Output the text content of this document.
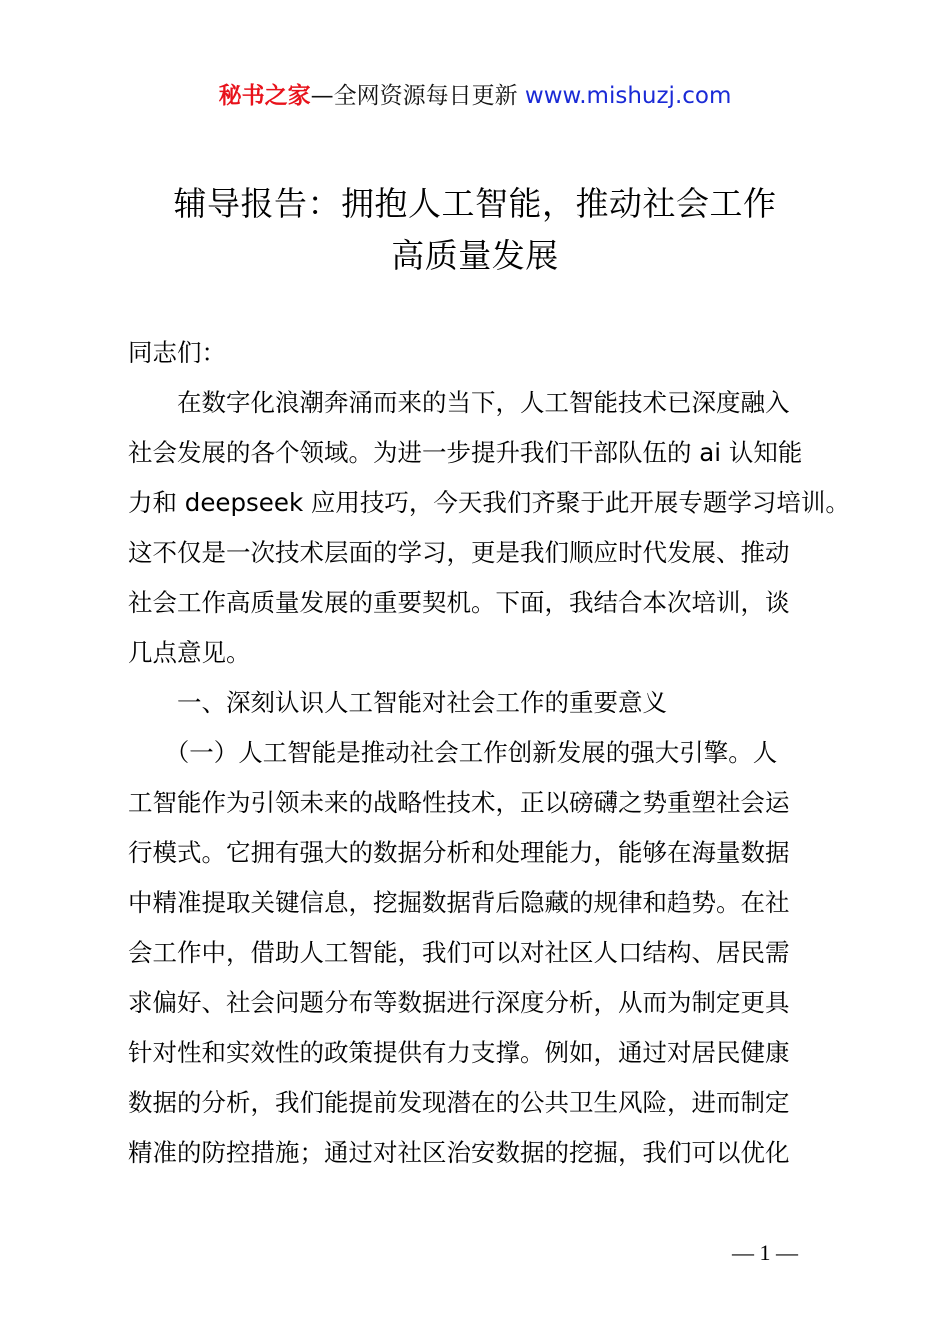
秘书之家—全网资源每日更新 www.mishuzj.com
辅导报告：拥抱人工智能，推动社会工作
高质量发展
同志们：
　　在数字化浪潮奔涌而来的当下，人工智能技术已深度融入
社会发展的各个领域。为进一步提升我们干部队伍的 ai 认知能
力和 deepseek 应用技巧，今天我们齐聚于此开展专题学习培训。
这不仅是一次技术层面的学习，更是我们顺应时代发展、推动
社会工作高质量发展的重要契机。下面，我结合本次培训，谈
几点意见。
　　一、深刻认识人工智能对社会工作的重要意义
　　（一）人工智能是推动社会工作创新发展的强大引擎。人
工智能作为引领未来的战略性技术，正以磅礴之势重塑社会运
行模式。它拥有强大的数据分析和处理能力，能够在海量数据
中精准提取关键信息，挖掘数据背后隐藏的规律和趋势。在社
会工作中，借助人工智能，我们可以对社区人口结构、居民需
求偏好、社会问题分布等数据进行深度分析，从而为制定更具
针对性和实效性的政策提供有力支撑。例如，通过对居民健康
数据的分析，我们能提前发现潜在的公共卫生风险，进而制定
精准的防控措施；通过对社区治安数据的挖掘，我们可以优化
— 1 —
